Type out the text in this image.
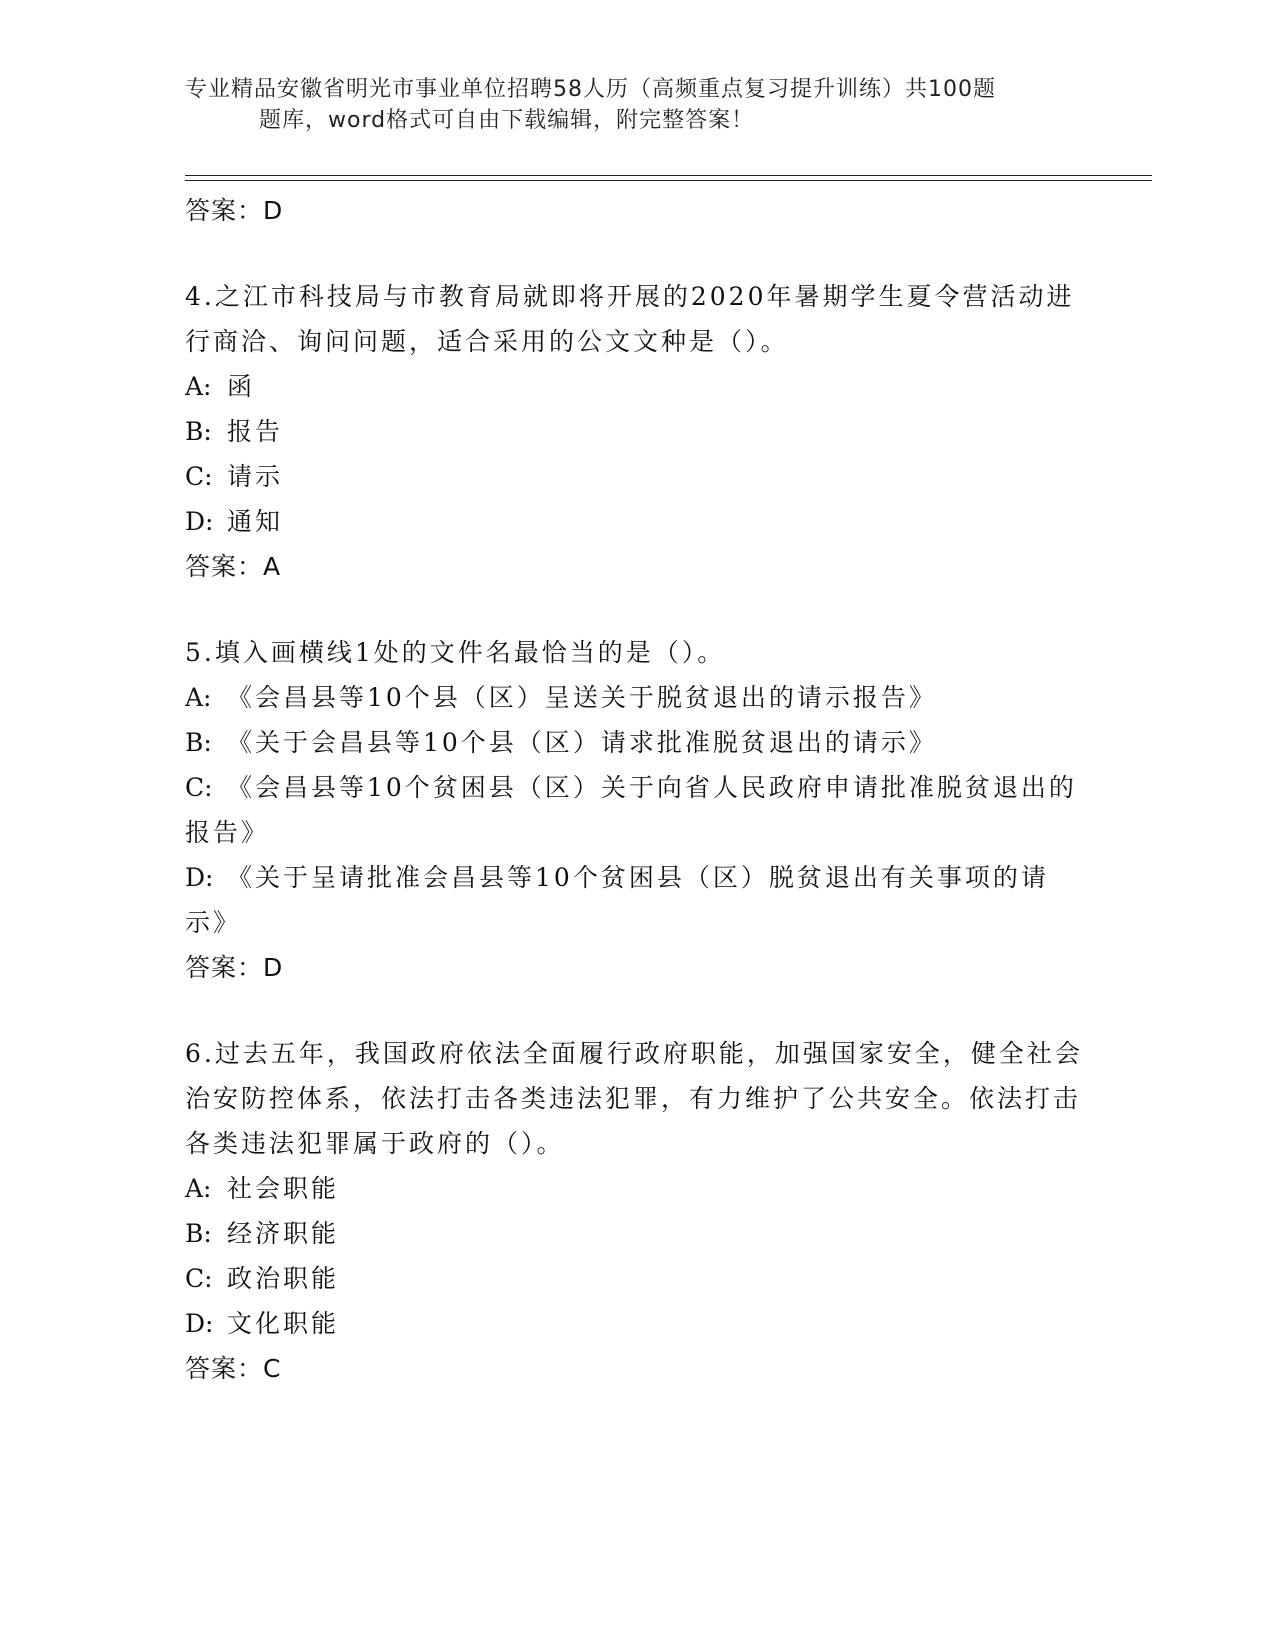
专业精品安徽省明光市事业单位招聘58人历（高频重点复习提升训练）共100题
题库，word格式可自由下载编辑，附完整答案！
答案：D

4.之江市科技局与市教育局就即将开展的2020年暑期学生夏令营活动进行商洽、询问问题，适合采用的公文文种是（）。

A: 函
B: 报告
C: 请示
D: 通知
答案：A

5.填入画横线1处的文件名最恰当的是（）。

A: 《会昌县等10个县（区）呈送关于脱贫退出的请示报告》
B: 《关于会昌县等10个县（区）请求批准脱贫退出的请示》
C: 《会昌县等10个贫困县（区）关于向省人民政府申请批准脱贫退出的报告》
D: 《关于呈请批准会昌县等10个贫困县（区）脱贫退出有关事项的请示》
答案：D

6.过去五年，我国政府依法全面履行政府职能，加强国家安全，健全社会治安防控体系，依法打击各类违法犯罪，有力维护了公共安全。依法打击各类违法犯罪属于政府的（）。

A: 社会职能
B: 经济职能
C: 政治职能
D: 文化职能
答案：C
